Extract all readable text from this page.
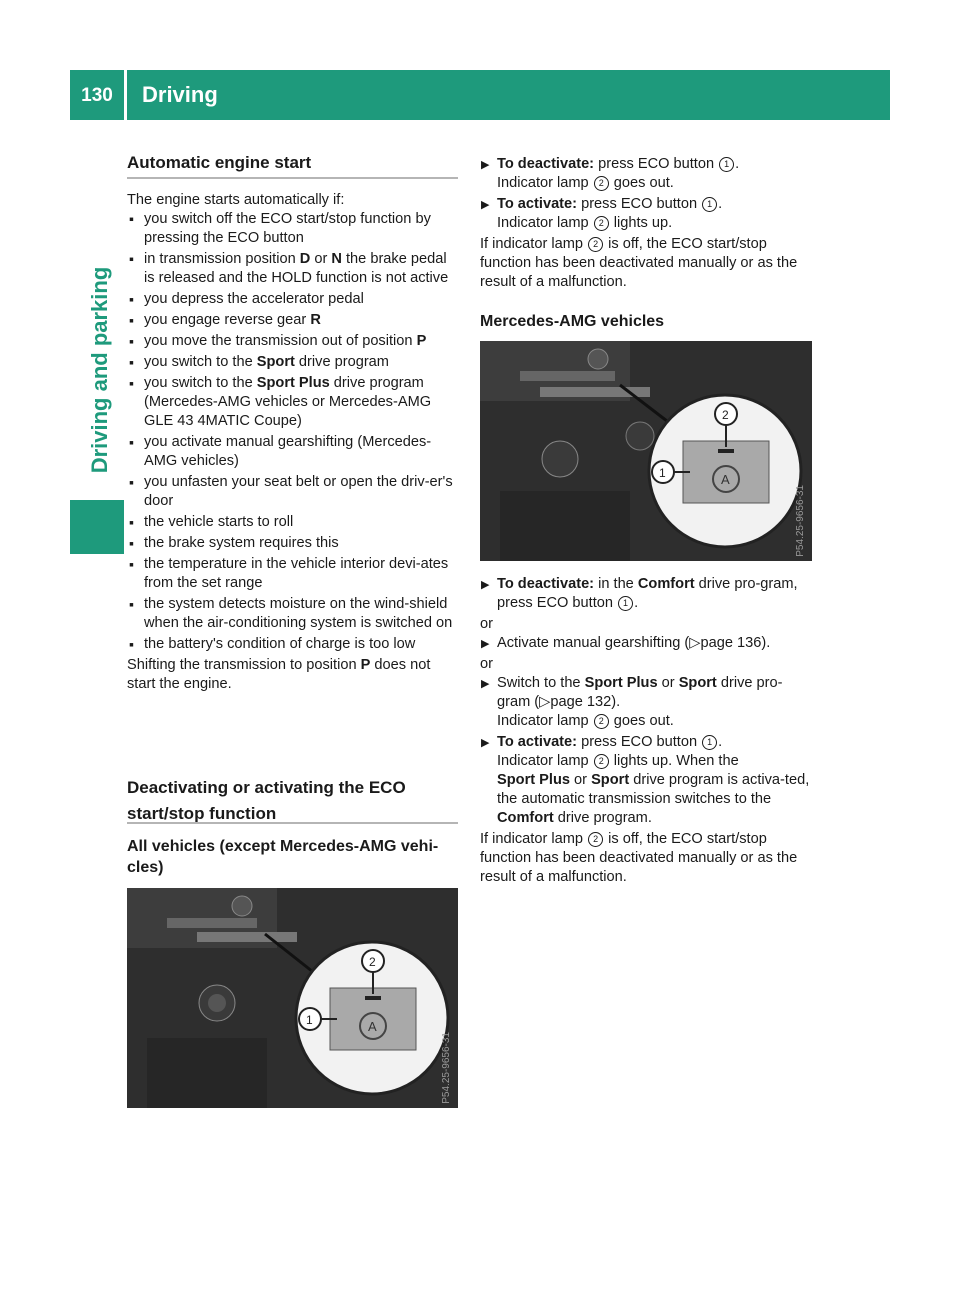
130	Driving
Driving and parking
Automatic engine start

The engine starts automatically if:

■ you switch off the ECO start/stop function by pressing the ECO button
■ in transmission position D or N the brake pedal is released and the HOLD function is not active
■ you depress the accelerator pedal
■ you engage reverse gear R
■ you move the transmission out of position P
■ you switch to the Sport drive program
■ you switch to the Sport Plus drive program (Mercedes-AMG vehicles or Mercedes-AMG GLE 43 4MATIC Coupe)
■ you activate manual gearshifting (Mercedes-AMG vehicles)
■ you unfasten your seat belt or open the driv-er's door
■ the vehicle starts to roll
■ the brake system requires this
■ the temperature in the vehicle interior devi-ates from the set range
■ the system detects moisture on the wind-shield when the air-conditioning system is switched on
■ the battery's condition of charge is too low

Shifting the transmission to position P does not start the engine.

Deactivating or activating the ECO
start/stop function
All vehicles (except Mercedes-AMG vehi-
cles)
A
2
1
P54.25-9656-31
▶ To deactivate: press ECO button 1 .
Indicator lamp 2 goes out.
▶ To activate: press ECO button 1 .
Indicator lamp 2 lights up.

If indicator lamp 2 is off, the ECO start/stop function has been deactivated manually or as the result of a malfunction.

Mercedes-AMG vehicles
A
2
1
P54.25-9656-31
▶ To deactivate: in the Comfort drive pro-gram, press ECO button 1 .

or

▶ Activate manual gearshifting (▷page 136).

or

▶ Switch to the Sport Plus or Sport drive pro-gram (▷page 132).
Indicator lamp 2 goes out.
▶ To activate: press ECO button 1 .
Indicator lamp 2 lights up. When the
Sport Plus or Sport drive program is activa-ted, the automatic transmission switches to the Comfort drive program.

If indicator lamp 2 is off, the ECO start/stop function has been deactivated manually or as the result of a malfunction.
